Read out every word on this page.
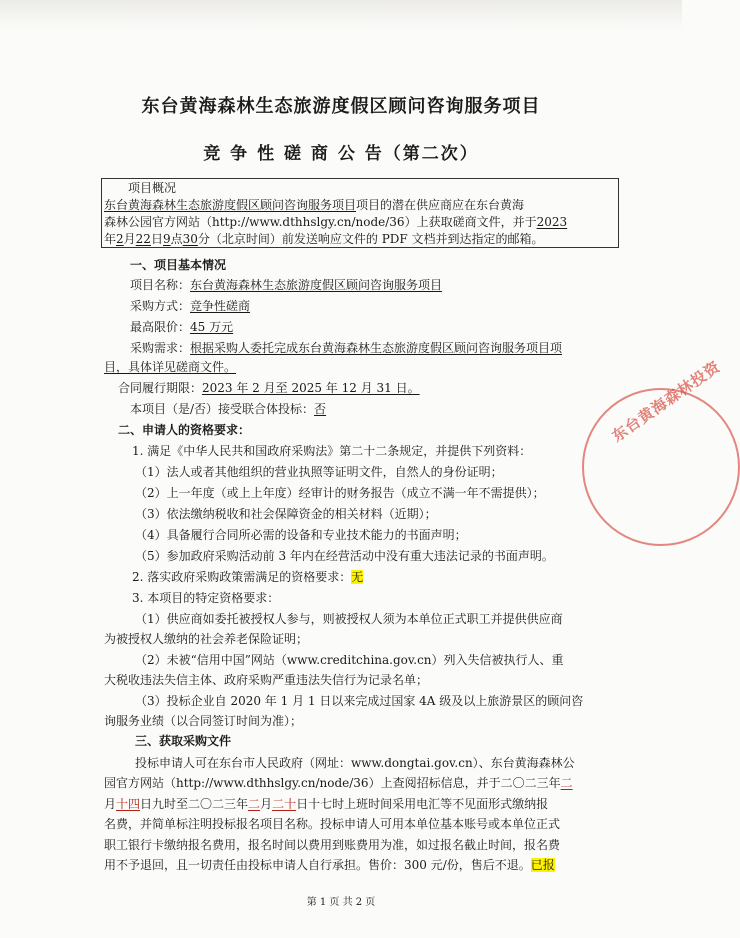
东台黄海森林生态旅游度假区顾问咨询服务项目
竞 争 性 磋 商 公 告（第二次）
项目概况
东台黄海森林生态旅游度假区顾问咨询服务项目项目的潜在供应商应在东台黄海
森林公园官方网站（http://www.dthhslgy.cn/node/36）上获取磋商文件，并于2023
年2月22日9点30分（北京时间）前发送响应文件的 PDF 文档并到达指定的邮箱。
一、项目基本情况
项目名称：东台黄海森林生态旅游度假区顾问咨询服务项目
采购方式：竞争性磋商
最高限价：45 万元
采购需求：根据采购人委托完成东台黄海森林生态旅游度假区顾问咨询服务项目项
目，具体详见磋商文件。
合同履行期限：2023 年 2 月至 2025 年 12 月 31 日。
本项目（是/否）接受联合体投标：否
二、申请人的资格要求：
1. 满足《中华人民共和国政府采购法》第二十二条规定，并提供下列资料：
（1）法人或者其他组织的营业执照等证明文件，自然人的身份证明；
（2）上一年度（或上上年度）经审计的财务报告（成立不满一年不需提供）；
（3）依法缴纳税收和社会保障资金的相关材料（近期）；
（4）具备履行合同所必需的设备和专业技术能力的书面声明；
（5）参加政府采购活动前 3 年内在经营活动中没有重大违法记录的书面声明。
2. 落实政府采购政策需满足的资格要求：无
3. 本项目的特定资格要求：
（1）供应商如委托被授权人参与，则被授权人须为本单位正式职工并提供供应商
为被授权人缴纳的社会养老保险证明；
（2）未被“信用中国”网站（www.creditchina.gov.cn）列入失信被执行人、重
大税收违法失信主体、政府采购严重违法失信行为记录名单；
（3）投标企业自 2020 年 1 月 1 日以来完成过国家 4A 级及以上旅游景区的顾问咨
询服务业绩（以合同签订时间为准）；
三、获取采购文件
投标申请人可在东台市人民政府（网址：www.dongtai.gov.cn）、东台黄海森林公
园官方网站（http://www.dthhslgy.cn/node/36）上查阅招标信息，并于二〇二三年二
月十四日九时至二〇二三年二月二十日十七时上班时间采用电汇等不见面形式缴纳报
名费，并简单标注明投标报名项目名称。投标申请人可用本单位基本账号或本单位正式
职工银行卡缴纳报名费用，报名时间以费用到账费用为准，如过报名截止时间，报名费
用不予退回，且一切责任由投标申请人自行承担。售价：300 元/份，售后不退。已报
东台黄海森林投资
第 1 页 共 2 页
